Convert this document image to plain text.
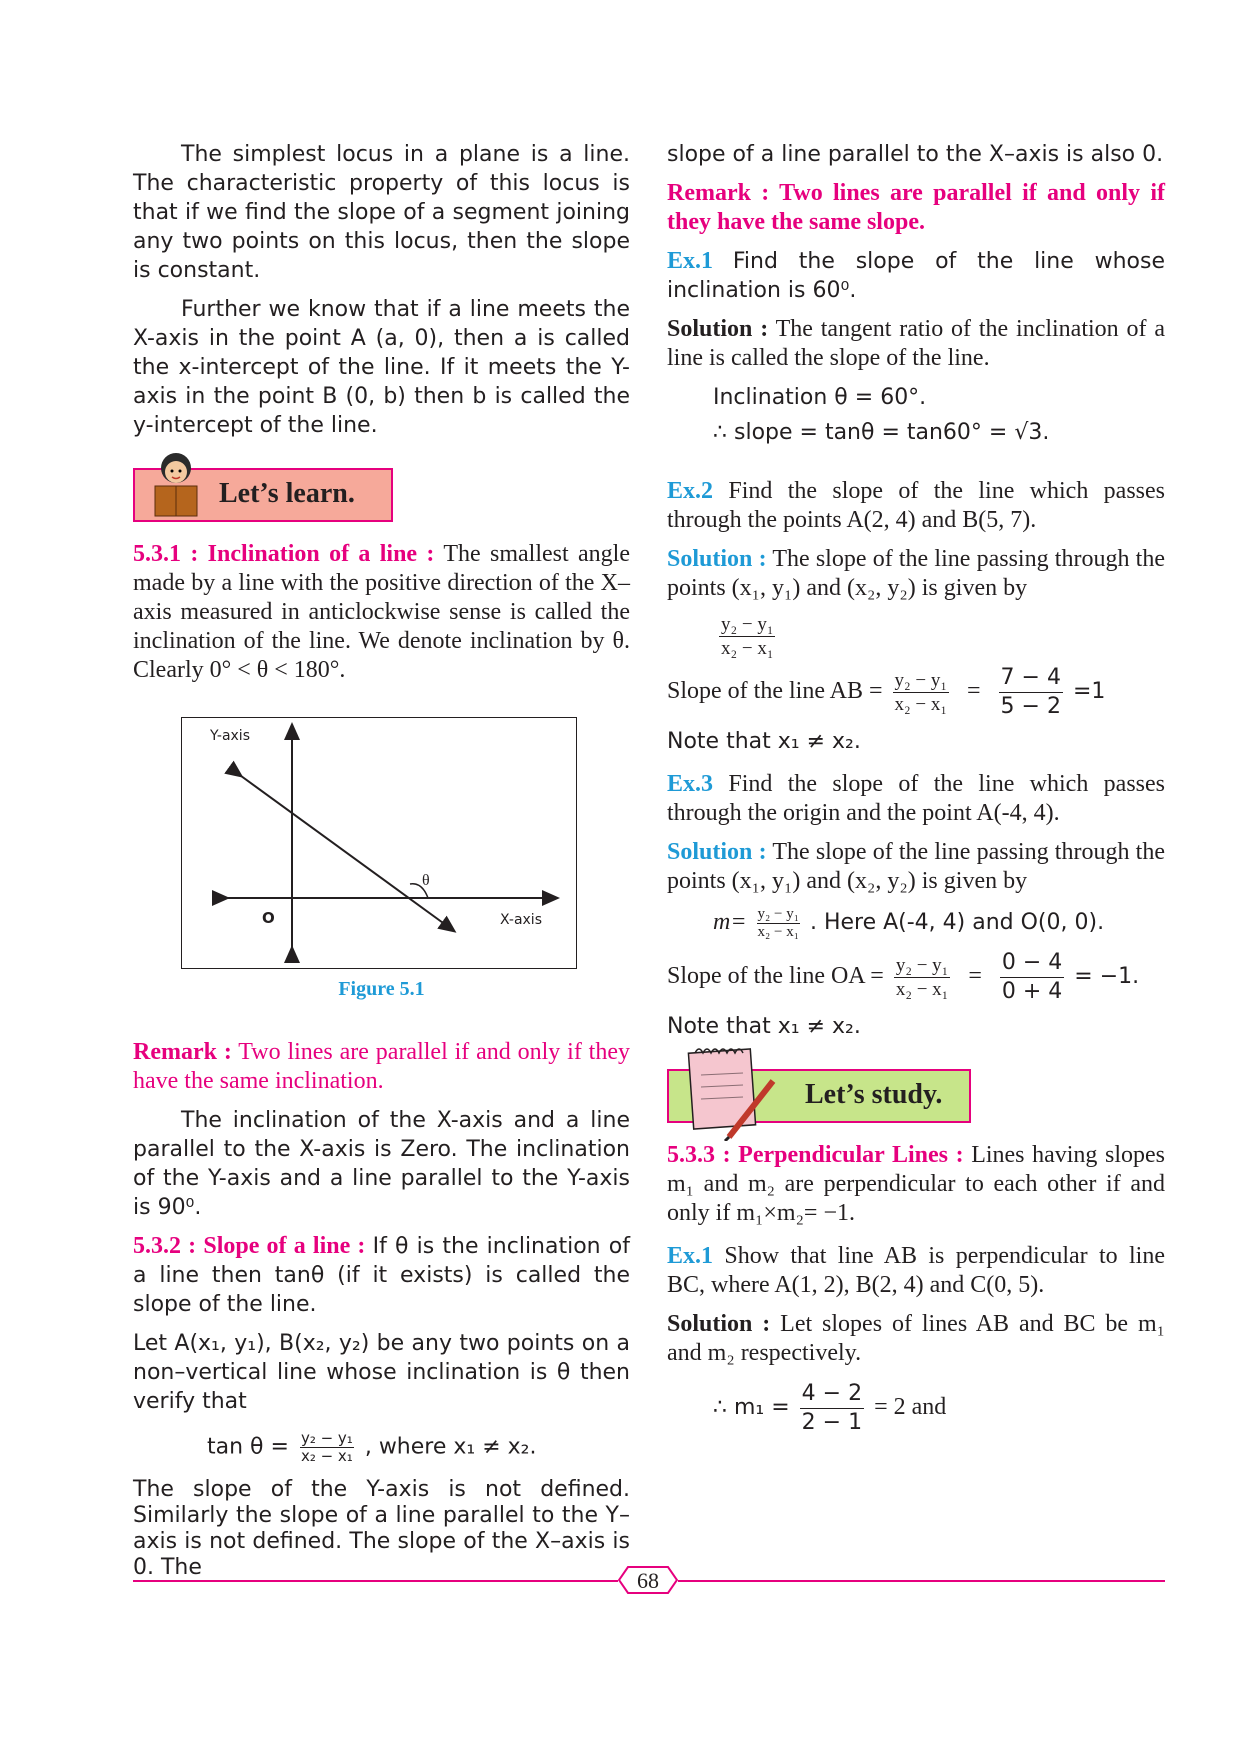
The simplest locus in a plane is a line. The characteristic property of this locus is that if we find the slope of a segment joining any two points on this locus, then the slope is constant.

Further we know that if a line meets the X-axis in the point A (a, 0), then a is called the x-intercept of the line. If it meets the Y-axis in the point B (0, b) then b is called the y-intercept of the line.

Let’s learn.

5.3.1 : Inclination of a line : The smallest angle made by a line with the positive direction of the X–axis measured in anticlockwise sense is called the inclination of the line. We denote inclination by θ. Clearly 0° < θ < 180°.

Y-axis
X-axis
O
θ
Figure 5.1

Remark : Two lines are parallel if and only if they have the same inclination.

The inclination of the X-axis and a line parallel to the X-axis is Zero. The inclination of the Y-axis and a line parallel to the Y-axis is 90⁰.

5.3.2 : Slope of a line : If θ is the inclination of a line then tanθ (if it exists) is called the slope of the line.

Let A(x₁, y₁), B(x₂, y₂) be any two points on a non–vertical line whose inclination is θ then verify that

$\tan \theta = \frac{\text{y₂ − y₁}}{\text{x₂ − x₁}}$ , where x₁ ≠ x₂.

The slope of the Y-axis is not defined. Similarly the slope of a line parallel to the Y–axis is not defined. The slope of the X–axis is 0. The

slope of a line parallel to the X–axis is also 0.

Remark : Two lines are parallel if and only if they have the same slope.

Ex.1 Find the slope of the line whose inclination is 60⁰.

Solution : The tangent ratio of the inclination of a line is called the slope of the line.

Inclination θ = 60°.

∴ slope = tanθ = tan60° = √3.

Ex.2 Find the slope of the line which passes through the points A(2, 4) and B(5, 7).

Solution : The slope of the line passing through the points (x₁, y₁) and (x₂, y₂) is given by

$\frac{\text{y₂ − y₁}}{\text{x₂ − x₁}}$
Slope of the line AB = $\frac{\text{y₂ − y₁}}{\text{x₂ − x₁}} = \frac{7 - 4}{5 - 2} =1$

Note that x₁ ≠ x₂.

Ex.3 Find the slope of the line which passes through the origin and the point A(-4, 4).

Solution : The slope of the line passing through the points (x₁, y₁) and (x₂, y₂) is given by

$m= \frac{\text{y₂ − y₁}}{\text{x₂ − x₁}}$ . Here A(-4, 4) and O(0, 0).
Slope of the line OA = $\frac{\text{y₂ − y₁}}{\text{x₂ − x₁}} = \frac{0 - 4}{0 + 4} = -1$.

Note that x₁ ≠ x₂.

Let’s study.

5.3.3 : Perpendicular Lines : Lines having slopes m₁ and m₂ are perpendicular to each other if and only if m₁×m₂= −1.

Ex.1 Show that line AB is perpendicular to line BC, where A(1, 2), B(2, 4) and C(0, 5).

Solution : Let slopes of lines AB and BC be m₁ and m₂ respectively.

∴ $m_1 = \frac{4 - 2}{2 - 1} = 2$ and
68
